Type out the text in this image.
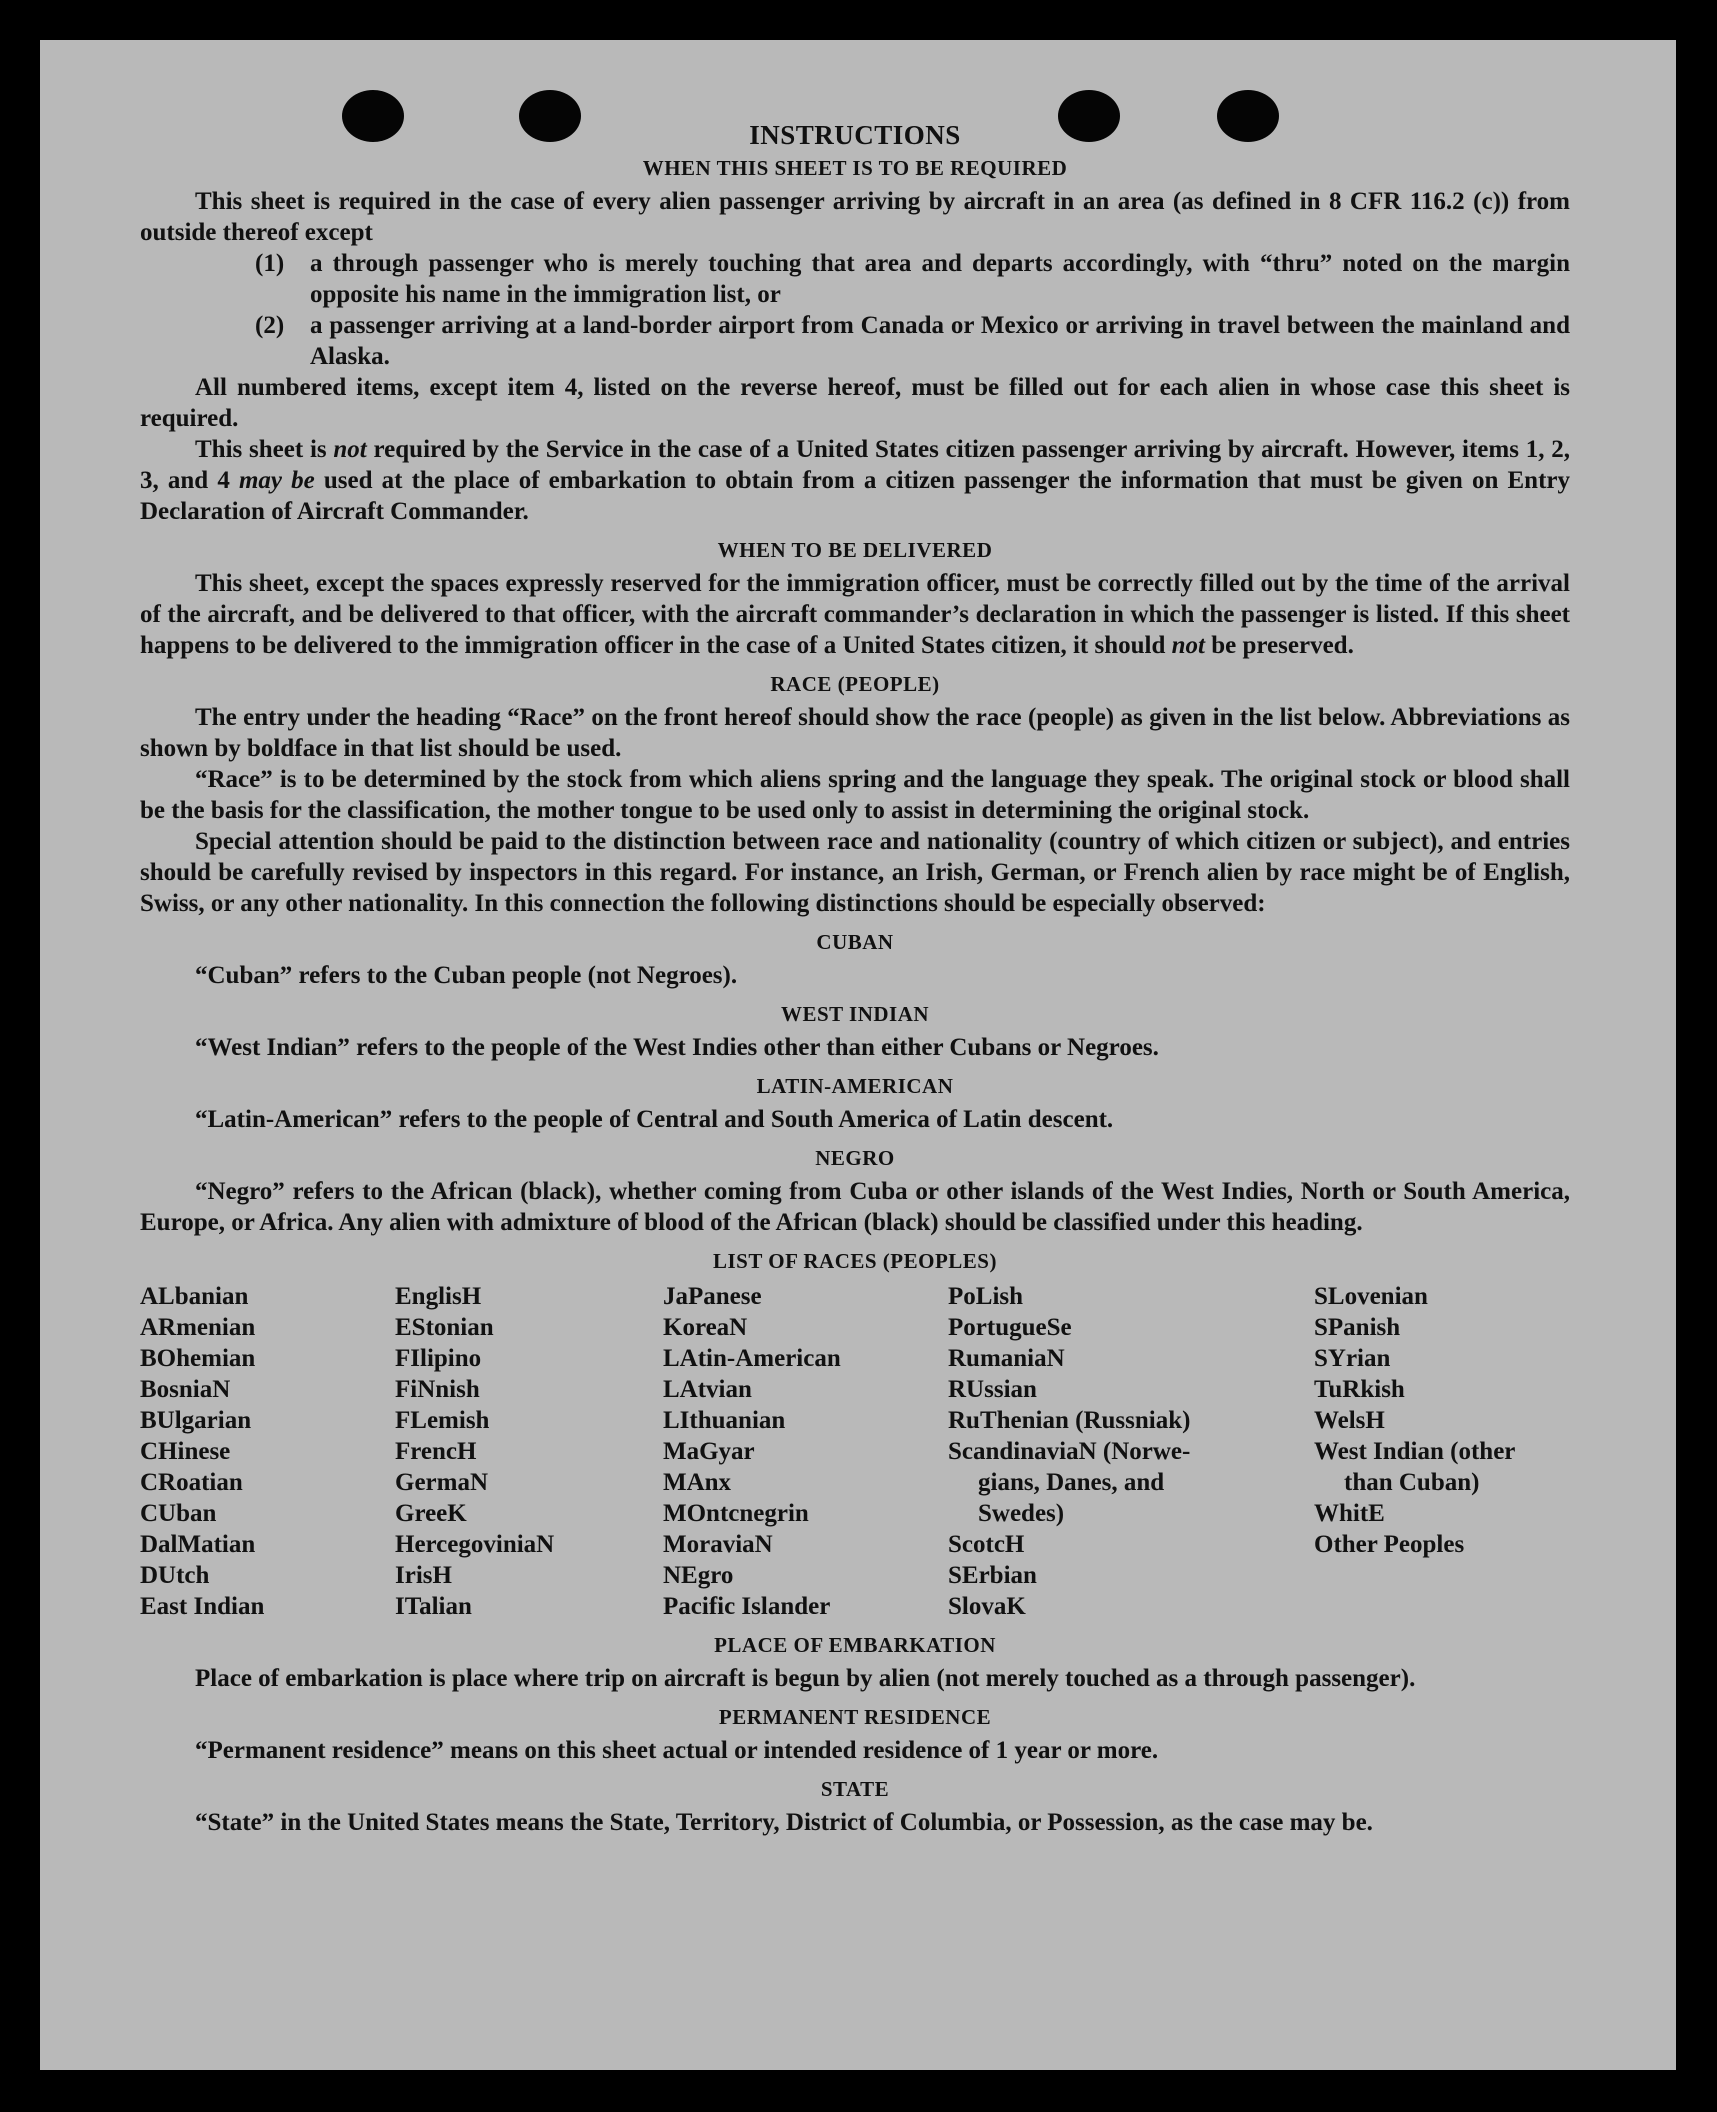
INSTRUCTIONS
WHEN THIS SHEET IS TO BE REQUIRED

This sheet is required in the case of every alien passenger arriving by aircraft in an area (as defined in 8 CFR 116.2 (c)) from outside thereof except

(1)	a through passenger who is merely touching that area and departs accordingly, with “thru” noted on the margin opposite his name in the immigration list, or
(2)	a passenger arriving at a land-border airport from Canada or Mexico or arriving in travel between the mainland and Alaska.

All numbered items, except item 4, listed on the reverse hereof, must be filled out for each alien in whose case this sheet is required.

This sheet is not required by the Service in the case of a United States citizen passenger arriving by aircraft. However, items 1, 2, 3, and 4 may be used at the place of embarkation to obtain from a citizen passenger the information that must be given on Entry Declaration of Aircraft Commander.

WHEN TO BE DELIVERED

This sheet, except the spaces expressly reserved for the immigration officer, must be correctly filled out by the time of the arrival of the aircraft, and be delivered to that officer, with the aircraft commander’s declaration in which the passenger is listed. If this sheet happens to be delivered to the immigration officer in the case of a United States citizen, it should not be preserved.

RACE (PEOPLE)

The entry under the heading “Race” on the front hereof should show the race (people) as given in the list below. Abbreviations as shown by boldface in that list should be used.

“Race” is to be determined by the stock from which aliens spring and the language they speak. The original stock or blood shall be the basis for the classification, the mother tongue to be used only to assist in determining the original stock.

Special attention should be paid to the distinction between race and nationality (country of which citizen or subject), and entries should be carefully revised by inspectors in this regard. For instance, an Irish, German, or French alien by race might be of English, Swiss, or any other nationality. In this connection the following distinctions should be especially observed:

CUBAN

“Cuban” refers to the Cuban people (not Negroes).

WEST INDIAN

“West Indian” refers to the people of the West Indies other than either Cubans or Negroes.

LATIN-AMERICAN

“Latin-American” refers to the people of Central and South America of Latin descent.

NEGRO

“Negro” refers to the African (black), whether coming from Cuba or other islands of the West Indies, North or South America, Europe, or Africa. Any alien with admixture of blood of the African (black) should be classified under this heading.

LIST OF RACES (PEOPLES)
ALbanian
ARmenian
BOhemian
BosniaN
BUlgarian
CHinese
CRoatian
CUban
DalMatian
DUtch
East Indian
EnglisH
EStonian
FIlipino
FiNnish
FLemish
FrencH
GermaN
GreeK
HercegoviniaN
IrisH
ITalian
JaPanese
KoreaN
LAtin-American
LAtvian
LIthuanian
MaGyar
MAnx
MOntcnegrin
MoraviaN
NEgro
Pacific Islander
PoLish
PortugueSe
RumaniaN
RUssian
RuThenian (Russniak)
ScandinaviaN (Norwe-
gians, Danes, and
Swedes)
ScotcH
SErbian
SlovaK
SLovenian
SPanish
SYrian
TuRkish
WelsH
West Indian (other
than Cuban)
WhitE
Other Peoples
PLACE OF EMBARKATION

Place of embarkation is place where trip on aircraft is begun by alien (not merely touched as a through passenger).

PERMANENT RESIDENCE

“Permanent residence” means on this sheet actual or intended residence of 1 year or more.

STATE

“State” in the United States means the State, Territory, District of Columbia, or Possession, as the case may be.
